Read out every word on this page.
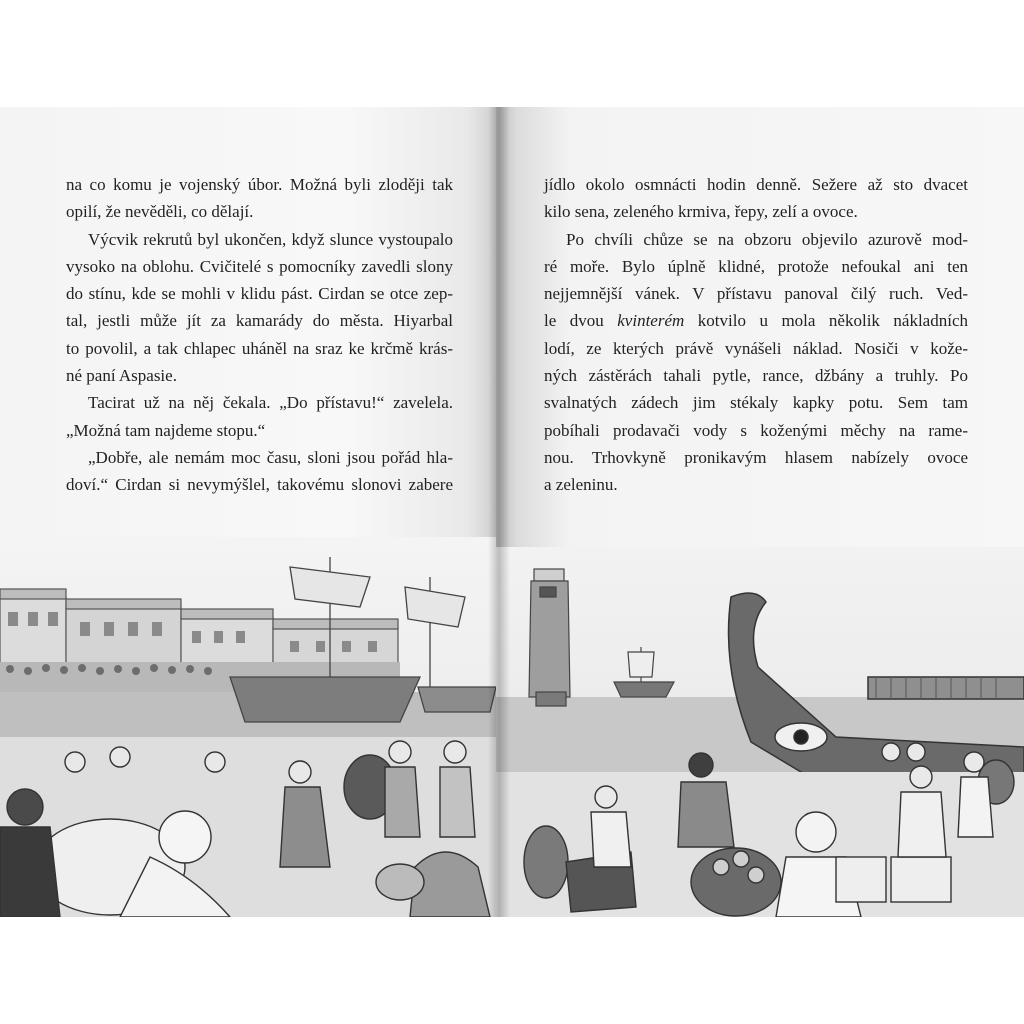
na co komu je vojenský úbor. Možná byli zloději tak
opilí, že nevěděli, co dělají.
Výcvik rekrutů byl ukončen, když slunce vystoupalo
vysoko na oblohu. Cvičitelé s pomocníky zavedli slony
do stínu, kde se mohli v klidu pást. Cirdan se otce zep-
tal, jestli může jít za kamarády do města. Hiyarbal
to povolil, a tak chlapec uháněl na sraz ke krčmě krás-
né paní Aspasie.
Tacirat už na něj čekala. „Do přístavu!“ zavelela.
„Možná tam najdeme stopu.“
„Dobře, ale nemám moc času, sloni jsou pořád hla-
doví.“ Cirdan si nevymýšlel, takovému slonovi zabere
jídlo okolo osmnácti hodin denně. Sežere až sto dvacet
kilo sena, zeleného krmiva, řepy, zelí a ovoce.
Po chvíli chůze se na obzoru objevilo azurově mod-
ré moře. Bylo úplně klidné, protože nefoukal ani ten
nejjemnější vánek. V přístavu panoval čilý ruch. Ved-
le dvou kvinterém kotvilo u mola několik nákladních
lodí, ze kterých právě vynášeli náklad. Nosiči v kože-
ných zástěrách tahali pytle, rance, džbány a truhly. Po
svalnatých zádech jim stékaly kapky potu. Sem tam
pobíhali prodavači vody s koženými měchy na rame-
nou. Trhovkyně pronikavým hlasem nabízely ovoce
a zeleninu.
